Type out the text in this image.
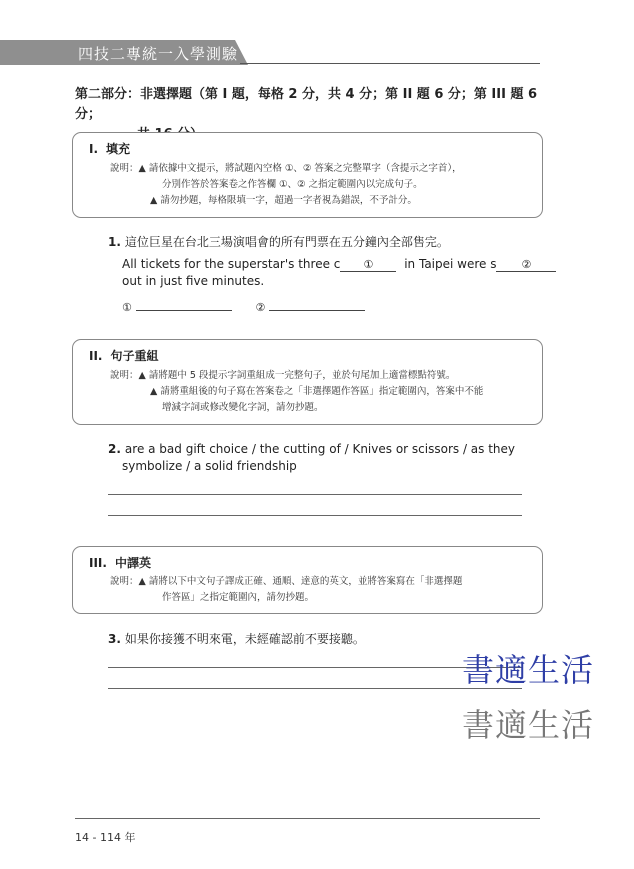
四技二專統一入學測驗
第二部分：非選擇題（第 I 題，每格 2 分，共 4 分；第 II 題 6 分；第 III 題 6 分；
I. 填充
說明：▲ 請依據中文提示，將試題內空格 ①、② 答案之完整單字（含提示之字首），
分別作答於答案卷之作答欄 ①、② 之指定範圍內以完成句子。
▲ 請勿抄題，每格限填一字，超過一字者視為錯誤，不予計分。
1. 這位巨星在台北三場演唱會的所有門票在五分鐘內全部售完。
All tickets for the superstar's three c ①	in Taipei were s ②
out in just five minutes.
①	②
II. 句子重組
說明：▲ 請將題中 5 段提示字詞重組成一完整句子，並於句尾加上適當標點符號。
▲ 請將重組後的句子寫在答案卷之「非選擇題作答區」指定範圍內，答案中不能
增減字詞或修改變化字詞，請勿抄題。
2. are a bad gift choice / the cutting of / Knives or scissors / as they
symbolize / a solid friendship
III. 中譯英
說明：▲ 請將以下中文句子譯成正確、通順、達意的英文，並將答案寫在「非選擇題
作答區」之指定範圍內，請勿抄題。
3. 如果你接獲不明來電，未經確認前不要接聽。
書適生活
書適生活
14 - 114 年
